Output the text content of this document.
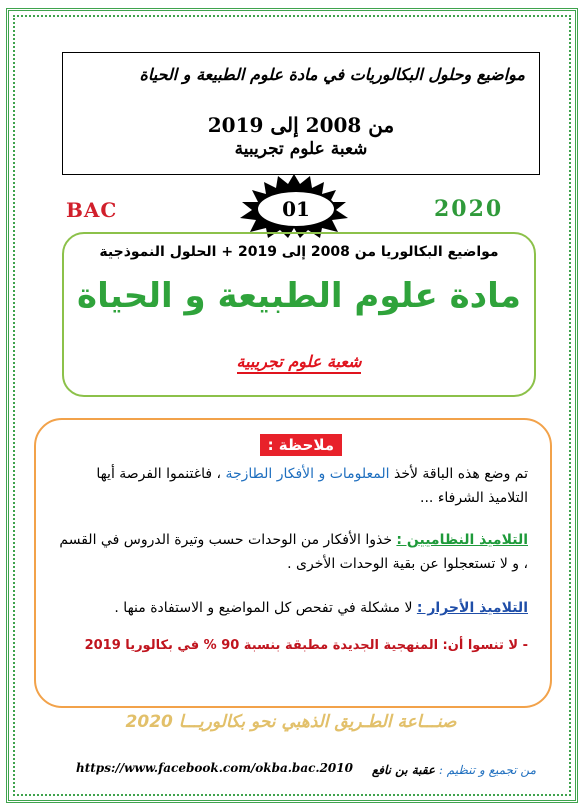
مواضيع وحلول البكالوريات في مادة علوم الطبيعة و الحياة
من 2008 إلى 2019
شعبة علوم تجريبية
BAC	01	2020
مواضيع البكالوريا من 2008 إلى 2019 + الحلول النموذجية
مادة علوم الطبيعة و الحياة
شعبة علوم تجريبية
ملاحظة :
تم وضع هذه الباقة لأخذ المعلومات و الأفكار الطازجة ، فاغتنموا الفرصة أيها التلاميذ الشرفاء ...
التلاميذ النظاميين : خذوا الأفكار من الوحدات حسب وتيرة الدروس في القسم ، و لا تستعجلوا عن بقية الوحدات الأخرى .
التلاميذ الأحرار : لا مشكلة في تفحص كل المواضيع و الاستفادة منها .
- لا تنسوا أن: المنهجية الجديدة مطبقة بنسبة 90 % في بكالوريا 2019
صنـــاعة الطـريق الذهبي نحو بكالوريـــا 2020
https://www.facebook.com/okba.bac.2010	من تجميع و تنظيم : عقبة بن نافع
